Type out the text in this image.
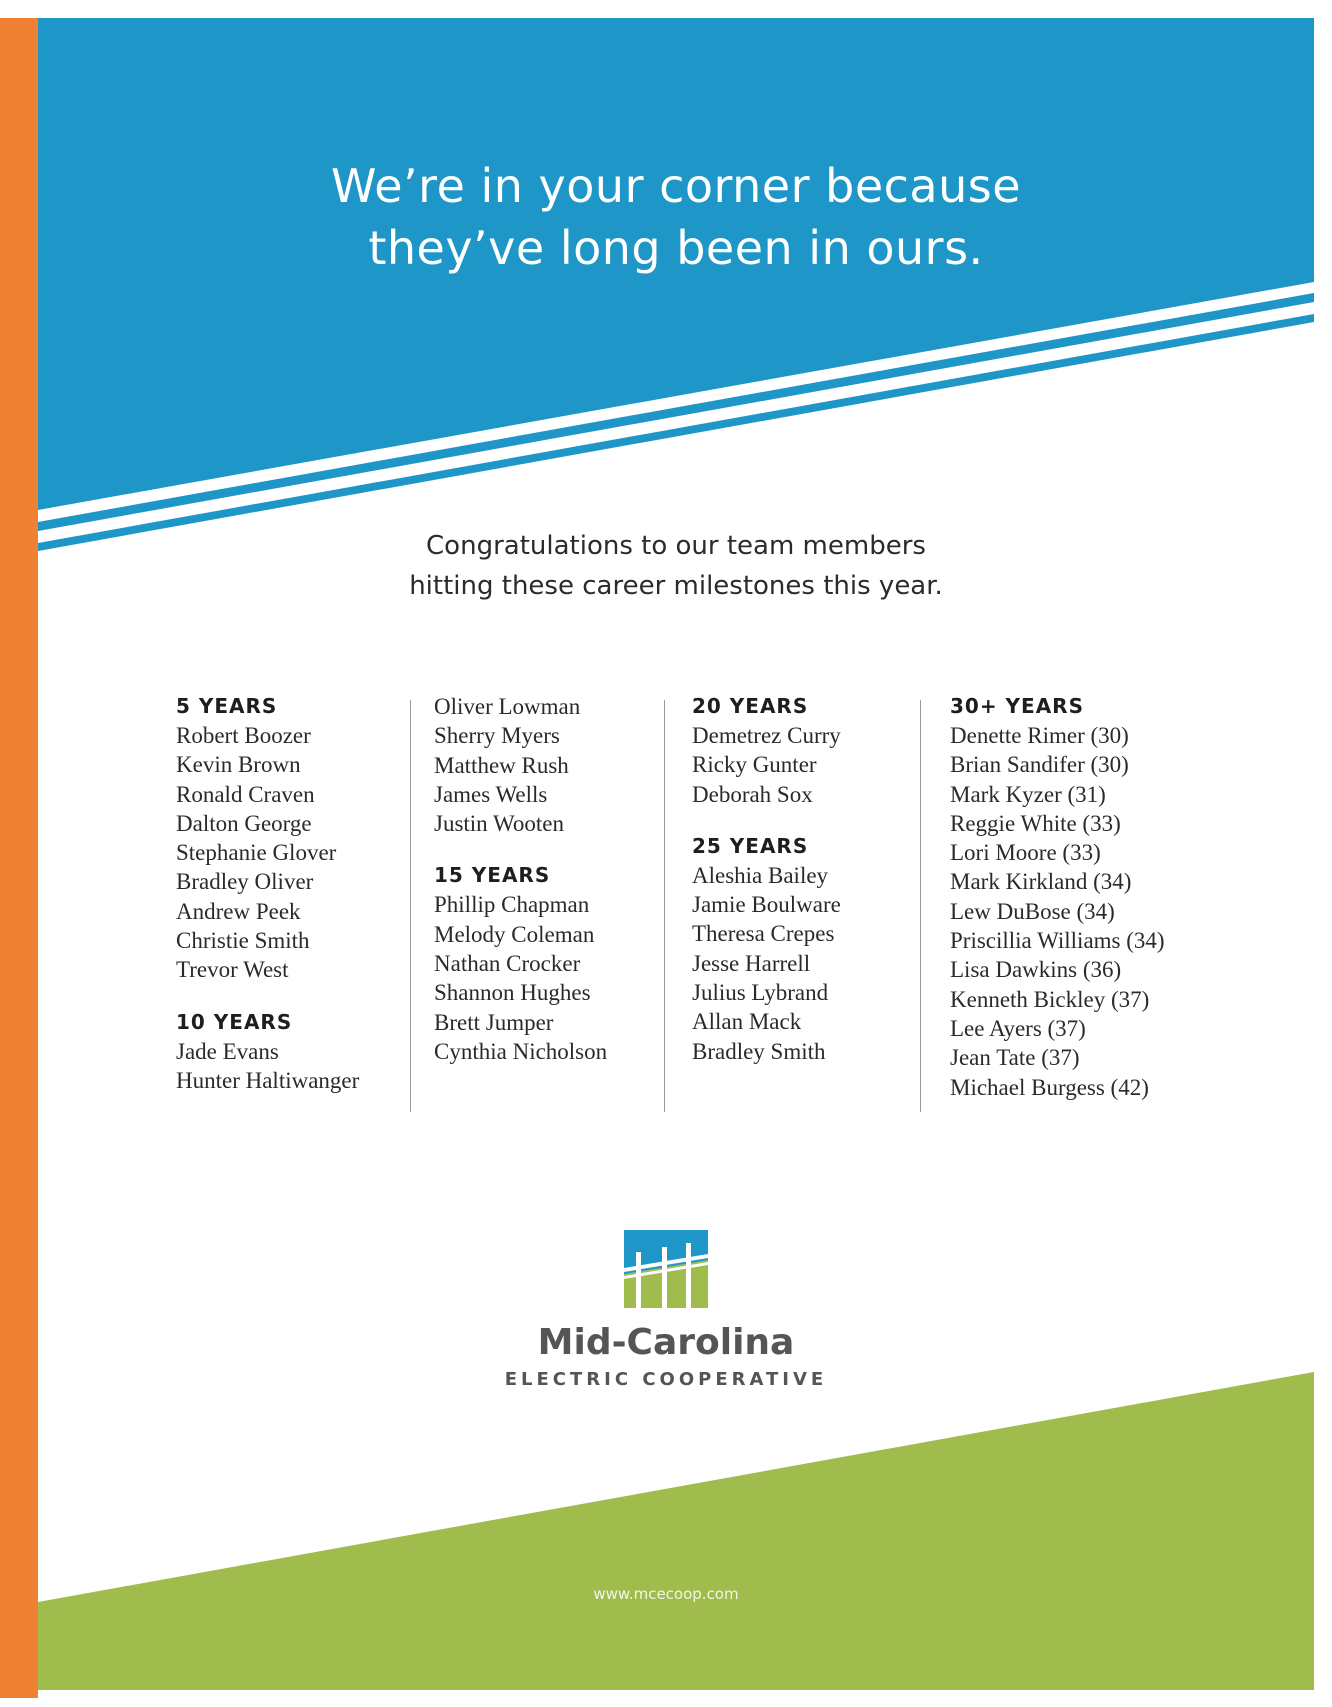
We’re in your corner because
they’ve long been in ours.
Congratulations to our team members
hitting these career milestones this year.
5 YEARS
Robert Boozer
Kevin Brown
Ronald Craven
Dalton George
Stephanie Glover
Bradley Oliver
Andrew Peek
Christie Smith
Trevor West
10 YEARS
Jade Evans
Hunter Haltiwanger
Oliver Lowman
Sherry Myers
Matthew Rush
James Wells
Justin Wooten
15 YEARS
Phillip Chapman
Melody Coleman
Nathan Crocker
Shannon Hughes
Brett Jumper
Cynthia Nicholson
20 YEARS
Demetrez Curry
Ricky Gunter
Deborah Sox
25 YEARS
Aleshia Bailey
Jamie Boulware
Theresa Crepes
Jesse Harrell
Julius Lybrand
Allan Mack
Bradley Smith
30+ YEARS
Denette Rimer (30)
Brian Sandifer (30)
Mark Kyzer (31)
Reggie White (33)
Lori Moore (33)
Mark Kirkland (34)
Lew DuBose (34)
Priscillia Williams (34)
Lisa Dawkins (36)
Kenneth Bickley (37)
Lee Ayers (37)
Jean Tate (37)
Michael Burgess (42)
Mid-Carolina
ELECTRIC COOPERATIVE
www.mcecoop.com
